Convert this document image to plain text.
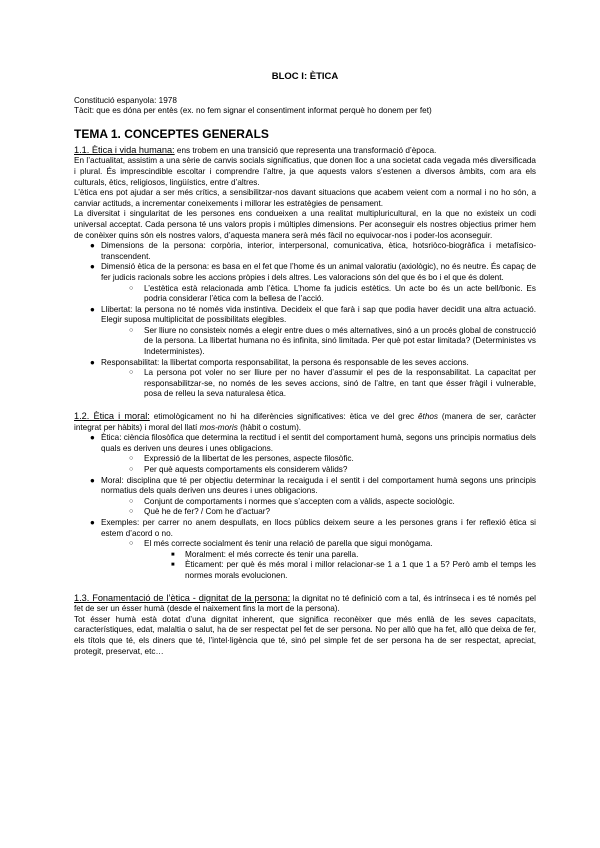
BLOC I: ÈTICA

Constitució espanyola: 1978

Tàcit: que es dóna per entès (ex. no fem signar el consentiment informat perquè ho donem per fet)

TEMA 1. CONCEPTES GENERALS

1.1. Ètica i vida humana: ens trobem en una transició que representa una transformació d’època.

En l’actualitat, assistim a una sèrie de canvis socials significatius, que donen lloc a una societat cada vegada més diversificada i plural. És imprescindible escoltar i comprendre l’altre, ja que aquests valors s’estenen a diversos àmbits, com ara els culturals, ètics, religiosos, lingüístics, entre d’altres.

L’ètica ens pot ajudar a ser més crítics, a sensibilitzar-nos davant situacions que acabem veient com a normal i no ho són, a canviar actituds, a incrementar coneixements i millorar les estratègies de pensament.

La diversitat i singularitat de les persones ens condueixen a una realitat multipluricultural, en la que no existeix un codi universal acceptat. Cada persona té uns valors propis i múltiples dimensions. Per aconseguir els nostres objectius primer hem de conèixer quins són els nostres valors, d’aquesta manera serà més fàcil no equivocar-nos i poder-los aconseguir.

● Dimensions de la persona: corpòria, interior, interpersonal, comunicativa, ètica, hotsriòco-biogràfica i metafísico-transcendent.
● Dimensió ètica de la persona: es basa en el fet que l’home és un animal valoratiu (axiològic), no és neutre. És capaç de fer judicis racionals sobre les accions pròpies i dels altres. Les valoracions són del que és bo i el que és dolent.
○ L’estètica està relacionada amb l’ètica. L’home fa judicis estètics. Un acte bo és un acte bell/bonic. Es podria considerar l’ètica com la bellesa de l’acció.
● Llibertat: la persona no té només vida instintiva. Decideix el que farà i sap que podia haver decidit una altra actuació. Elegir suposa multiplicitat de possibilitats elegibles.
○ Ser lliure no consisteix només a elegir entre dues o més alternatives, sinó a un procés global de construcció de la persona. La llibertat humana no és infinita, sinó limitada. Per què pot estar limitada? (Deterministes vs Indeterministes).
● Responsabilitat: la llibertat comporta responsabilitat, la persona és responsable de les seves accions.
○ La persona pot voler no ser lliure per no haver d’assumir el pes de la responsabilitat. La capacitat per responsabilitzar-se, no només de les seves accions, sinó de l’altre, en tant que ésser fràgil i vulnerable, posa de relleu la seva naturalesa ètica.

1.2. Ètica i moral: etimològicament no hi ha diferències significatives: ètica ve del grec êthos (manera de ser, caràcter integrat per hàbits) i moral del llatí mos-moris (hàbit o costum).

● Ètica: ciència filosòfica que determina la rectitud i el sentit del comportament humà, segons uns principis normatius dels quals es deriven uns deures i unes obligacions.
○ Expressió de la llibertat de les persones, aspecte filosòfic.
○ Per què aquests comportaments els considerem vàlids?
● Moral: disciplina que té per objectiu determinar la recaiguda i el sentit i del comportament humà segons uns principis normatius dels quals deriven uns deures i unes obligacions.
○ Conjunt de comportaments i normes que s’accepten com a vàlids, aspecte sociològic.
○ Què he de fer? / Com he d’actuar?
● Exemples: per carrer no anem despullats, en llocs públics deixem seure a les persones grans i fer reflexió ètica si estem d’acord o no.
○ El més correcte socialment és tenir una relació de parella que sigui monògama.
■ Moralment: el més correcte és tenir una parella.
■ Èticament: per què és més moral i millor relacionar-se 1 a 1 que 1 a 5? Però amb el temps les normes morals evolucionen.

1.3. Fonamentació de l’ètica - dignitat de la persona: la dignitat no té definició com a tal, és intrínseca i es té només pel fet de ser un ésser humà (desde el naixement fins la mort de la persona).

Tot ésser humà està dotat d’una dignitat inherent, que significa reconèixer que més enllà de les seves capacitats, característiques, edat, malaltia o salut, ha de ser respectat pel fet de ser persona. No per allò que ha fet, allò que deixa de fer, els títols que té, els diners que té, l’intel·ligència que té, sinó pel simple fet de ser persona ha de ser respectat, apreciat, protegit, preservat, etc…
